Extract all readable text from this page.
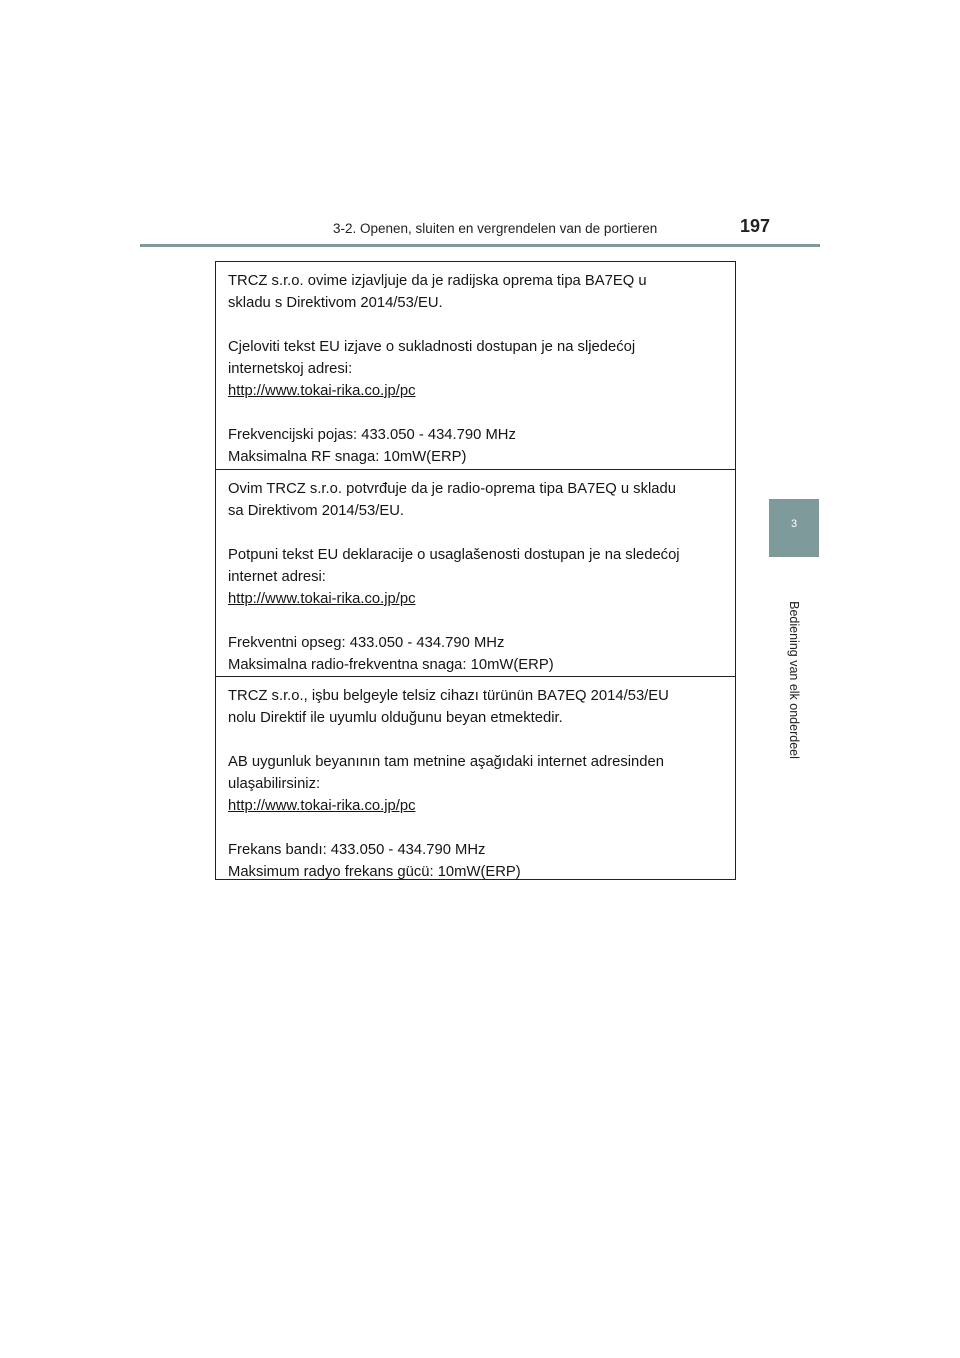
3-2. Openen, sluiten en vergrendelen van de portieren	197
3
Bediening van elk onderdeel

TRCZ s.r.o. ovime izjavljuje da je radijska oprema tipa BA7EQ u

skladu s Direktivom 2014/53/EU.

Cjeloviti tekst EU izjave o sukladnosti dostupan je na sljedećoj

internetskoj adresi:

http://www.tokai-rika.co.jp/pc

Frekvencijski pojas: 433.050 - 434.790 MHz

Maksimalna RF snaga: 10mW(ERP)

Ovim TRCZ s.r.o. potvrđuje da je radio-oprema tipa BA7EQ u skladu

sa Direktivom 2014/53/EU.

Potpuni tekst EU deklaracije o usaglašenosti dostupan je na sledećoj

internet adresi:

http://www.tokai-rika.co.jp/pc

Frekventni opseg: 433.050 - 434.790 MHz

Maksimalna radio-frekventna snaga: 10mW(ERP)

TRCZ s.r.o., işbu belgeyle telsiz cihazı türünün BA7EQ 2014/53/EU

nolu Direktif ile uyumlu olduğunu beyan etmektedir.

AB uygunluk beyanının tam metnine aşağıdaki internet adresinden

ulaşabilirsiniz:

http://www.tokai-rika.co.jp/pc

Frekans bandı: 433.050 - 434.790 MHz

Maksimum radyo frekans gücü: 10mW(ERP)
